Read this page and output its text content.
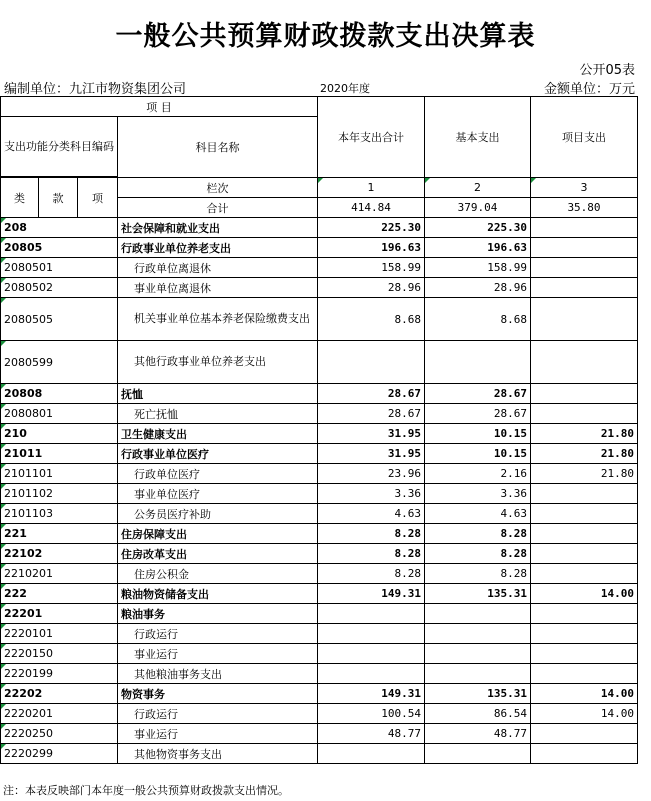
一般公共预算财政拨款支出决算表
公开05表
编制单位：九江市物资集团公司	2020年度	金额单位：万元
项 目				本年支出合计	基本支出	项目支出
支出功能分类科目编码			科目名称			

类	款	项	栏次	1	2	3
			合计	414.84	379.04	35.80
208			社会保障和就业支出	225.30	225.30	
20805			行政事业单位养老支出	196.63	196.63	
2080501			行政单位离退休	158.99	158.99	
2080502			事业单位离退休	28.96	28.96	
2080505			机关事业单位基本养老保险缴费支出	8.68	8.68	
2080599			其他行政事业单位养老支出			
20808			抚恤	28.67	28.67	
2080801			死亡抚恤	28.67	28.67	
210			卫生健康支出	31.95	10.15	21.80
21011			行政事业单位医疗	31.95	10.15	21.80
2101101			行政单位医疗	23.96	2.16	21.80
2101102			事业单位医疗	3.36	3.36	
2101103			公务员医疗补助	4.63	4.63	
221			住房保障支出	8.28	8.28	
22102			住房改革支出	8.28	8.28	
2210201			住房公积金	8.28	8.28	
222			粮油物资储备支出	149.31	135.31	14.00
22201			粮油事务			
2220101			行政运行			
2220150			事业运行			
2220199			其他粮油事务支出			
22202			物资事务	149.31	135.31	14.00
2220201			行政运行	100.54	86.54	14.00
2220250			事业运行	48.77	48.77	
2220299			其他物资事务支出			
注：本表反映部门本年度一般公共预算财政拨款支出情况。
